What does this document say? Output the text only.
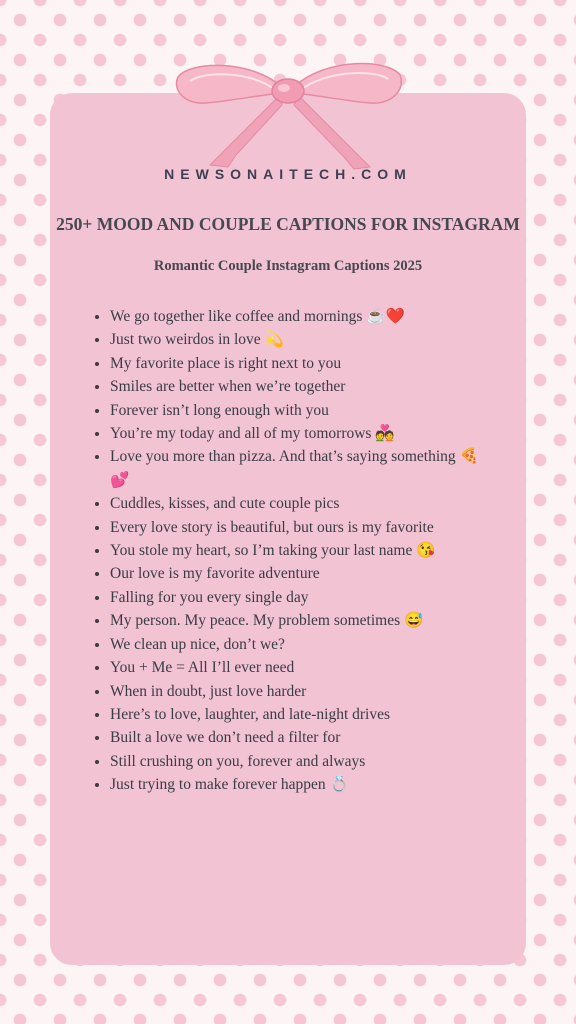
NEWSONAITECH.COM

250+ MOOD AND COUPLE CAPTIONS FOR INSTAGRAM
Romantic Couple Instagram Captions 2025
• We go together like coffee and mornings ☕❤️
• Just two weirdos in love 💫
• My favorite place is right next to you
• Smiles are better when we’re together
• Forever isn’t long enough with you
• You’re my today and all of my tomorrows 💑
• Love you more than pizza. And that’s saying something 🍕💕
• Cuddles, kisses, and cute couple pics
• Every love story is beautiful, but ours is my favorite
• You stole my heart, so I’m taking your last name 😘
• Our love is my favorite adventure
• Falling for you every single day
• My person. My peace. My problem sometimes 😅
• We clean up nice, don’t we?
• You + Me = All I’ll ever need
• When in doubt, just love harder
• Here’s to love, laughter, and late-night drives
• Built a love we don’t need a filter for
• Still crushing on you, forever and always
• Just trying to make forever happen 💍
